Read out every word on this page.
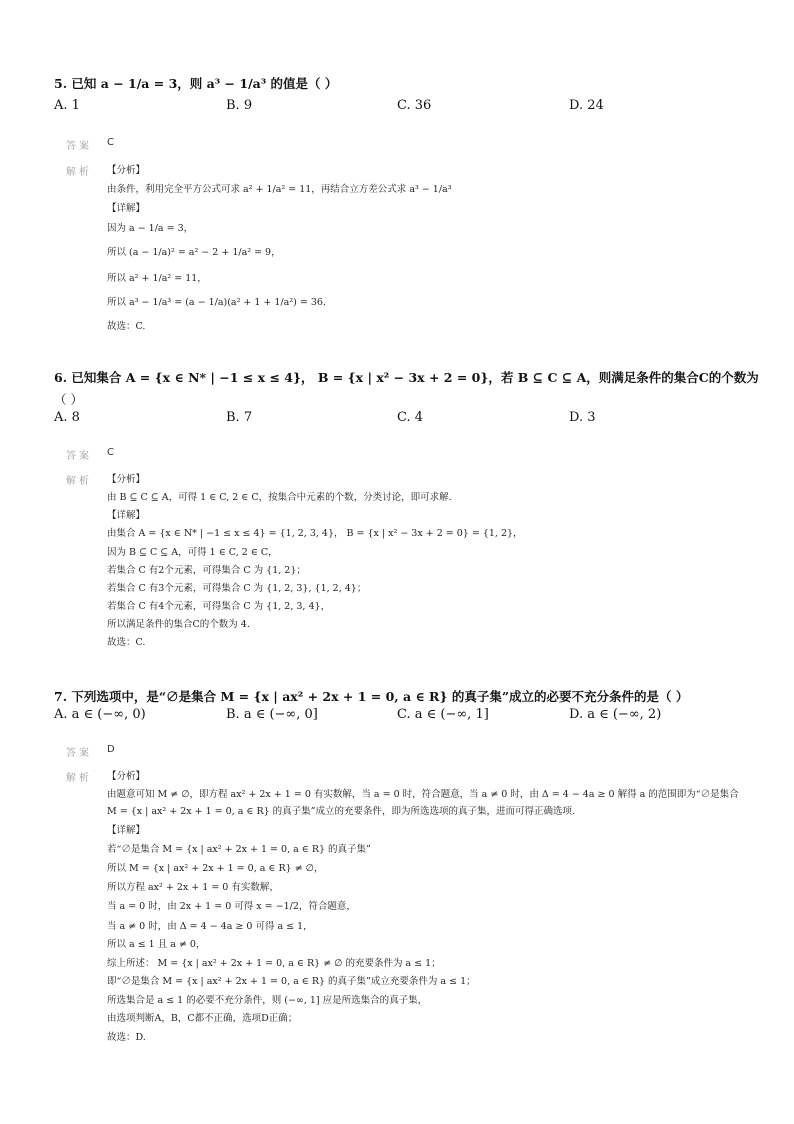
5. 已知 a − 1/a = 3，则 a³ − 1/a³ 的值是（ ）
A. 1	B. 9	C. 36	D. 24
答案 C
解析 【分析】
由条件，利用完全平方公式可求 a² + 1/a² = 11，再结合立方差公式求 a³ − 1/a³
【详解】
因为 a − 1/a = 3，
所以 (a − 1/a)² = a² − 2 + 1/a² = 9，
所以 a² + 1/a² = 11，
所以 a³ − 1/a³ = (a − 1/a)(a² + 1 + 1/a²) = 36.
故选：C.
6. 已知集合 A = {x ∈ N* | −1 ≤ x ≤ 4}， B = {x | x² − 3x + 2 = 0}，若 B ⊆ C ⊆ A，则满足条件的集合C的个数为
（ ）
A. 8	B. 7	C. 4	D. 3
答案 C
解析 【分析】
由 B ⊆ C ⊆ A，可得 1 ∈ C, 2 ∈ C，按集合中元素的个数，分类讨论，即可求解.
【详解】
由集合 A = {x ∈ N* | −1 ≤ x ≤ 4} = {1, 2, 3, 4}， B = {x | x² − 3x + 2 = 0} = {1, 2}，
因为 B ⊆ C ⊆ A，可得 1 ∈ C, 2 ∈ C，
若集合 C 有2个元素，可得集合 C 为 {1, 2}；
若集合 C 有3个元素，可得集合 C 为 {1, 2, 3}, {1, 2, 4}；
若集合 C 有4个元素，可得集合 C 为 {1, 2, 3, 4}，
所以满足条件的集合C的个数为 4.
故选：C.
7. 下列选项中，是“∅是集合 M = {x | ax² + 2x + 1 = 0, a ∈ R} 的真子集”成立的必要不充分条件的是（ ）
A. a ∈ (−∞, 0)	B. a ∈ (−∞, 0]	C. a ∈ (−∞, 1]	D. a ∈ (−∞, 2)
答案 D
解析 【分析】
由题意可知 M ≠ ∅，即方程 ax² + 2x + 1 = 0 有实数解，当 a = 0 时，符合题意，当 a ≠ 0 时，由 Δ = 4 − 4a ≥ 0 解得 a 的范围即为“∅是集合 M = {x | ax² + 2x + 1 = 0, a ∈ R} 的真子集”成立的充要条件，即为所选选项的真子集，进而可得正确选项.
【详解】
若“∅是集合 M = {x | ax² + 2x + 1 = 0, a ∈ R} 的真子集”
所以 M = {x | ax² + 2x + 1 = 0, a ∈ R} ≠ ∅，
所以方程 ax² + 2x + 1 = 0 有实数解，
当 a = 0 时，由 2x + 1 = 0 可得 x = −1/2，符合题意，
当 a ≠ 0 时，由 Δ = 4 − 4a ≥ 0 可得 a ≤ 1，
所以 a ≤ 1 且 a ≠ 0，
综上所述： M = {x | ax² + 2x + 1 = 0, a ∈ R} ≠ ∅ 的充要条件为 a ≤ 1；
即“∅是集合 M = {x | ax² + 2x + 1 = 0, a ∈ R} 的真子集”成立充要条件为 a ≤ 1；
所选集合是 a ≤ 1 的必要不充分条件，则 (−∞, 1] 应是所选集合的真子集，
由选项判断A，B，C都不正确，选项D正确；
故选：D.
